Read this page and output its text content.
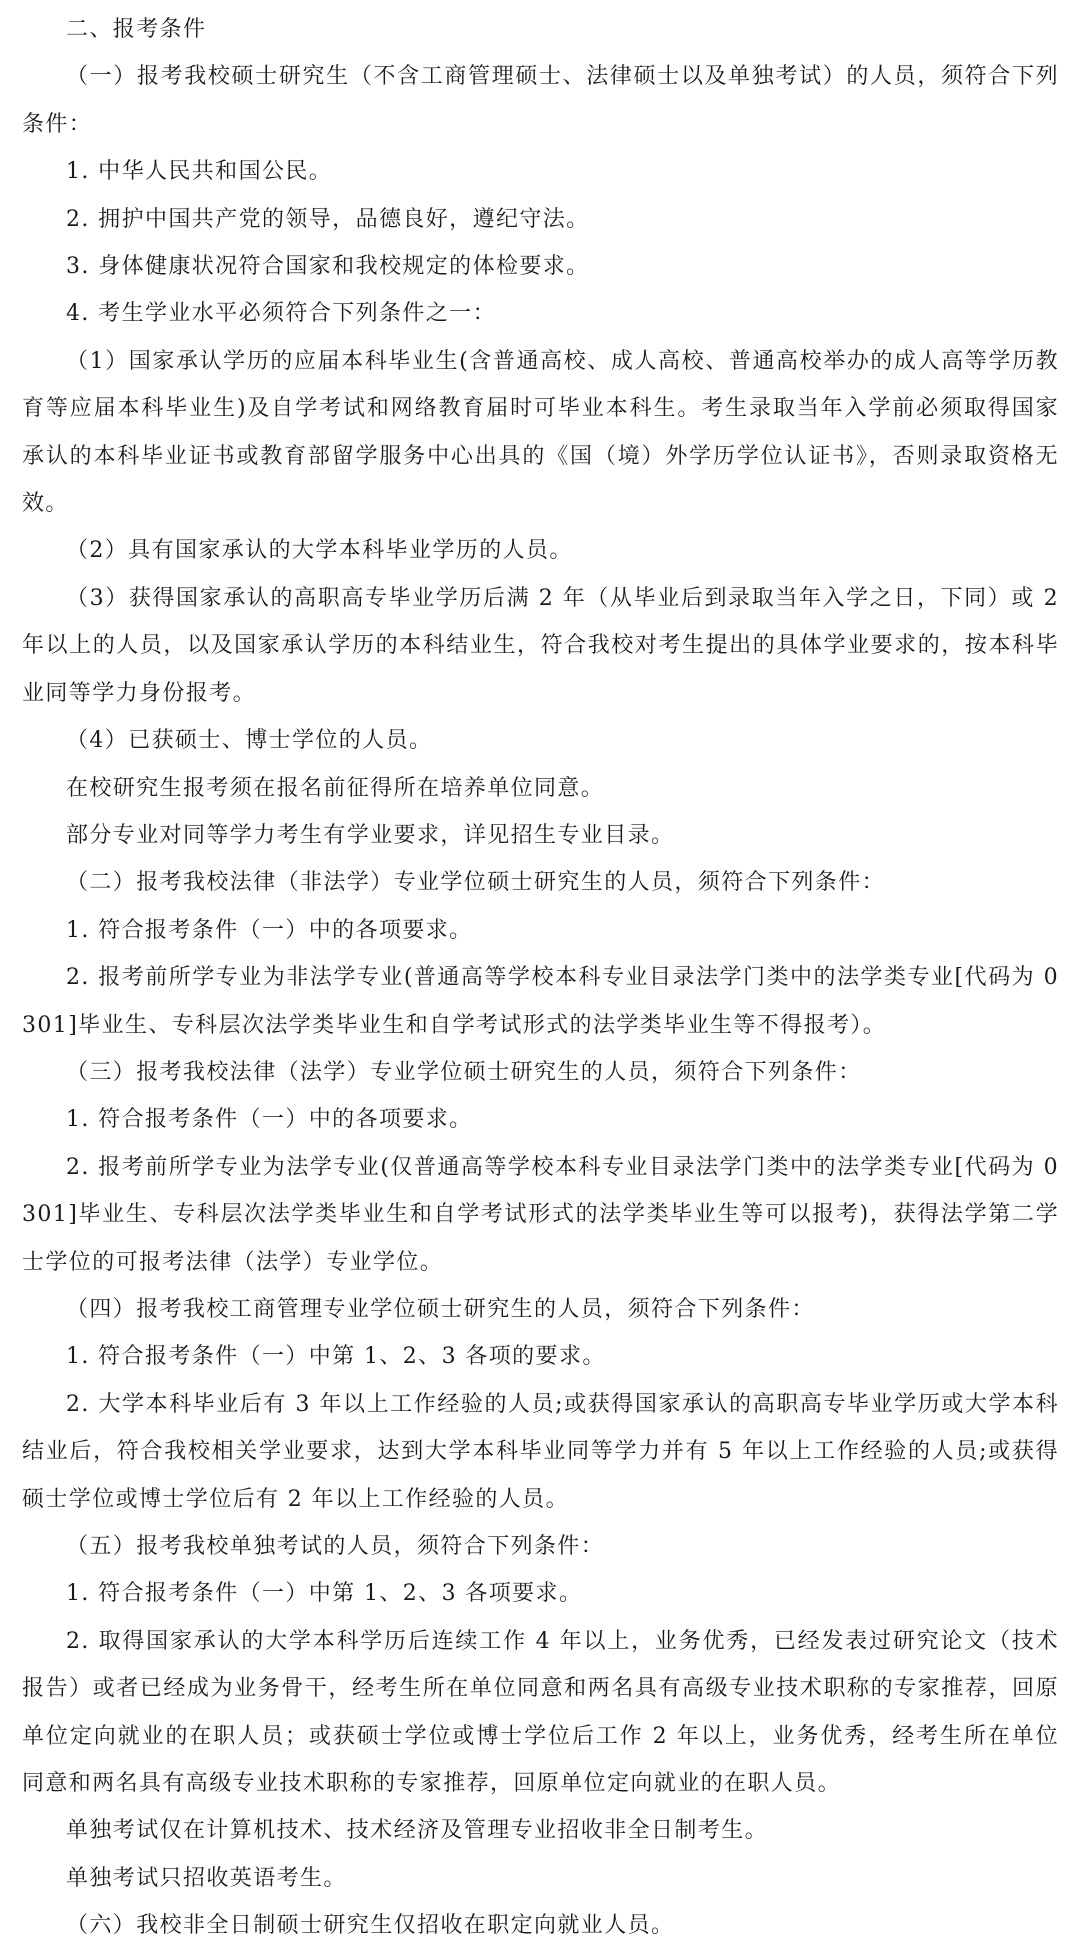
二、报考条件

（一）报考我校硕士研究生（不含工商管理硕士、法律硕士以及单独考试）的人员，须符合下列条件：

1. 中华人民共和国公民。

2. 拥护中国共产党的领导，品德良好，遵纪守法。

3. 身体健康状况符合国家和我校规定的体检要求。

4. 考生学业水平必须符合下列条件之一：

（1）国家承认学历的应届本科毕业生(含普通高校、成人高校、普通高校举办的成人高等学历教育等应届本科毕业生)及自学考试和网络教育届时可毕业本科生。考生录取当年入学前必须取得国家承认的本科毕业证书或教育部留学服务中心出具的《国（境）外学历学位认证书》，否则录取资格无效。

（2）具有国家承认的大学本科毕业学历的人员。

（3）获得国家承认的高职高专毕业学历后满 2 年（从毕业后到录取当年入学之日，下同）或 2 年以上的人员，以及国家承认学历的本科结业生，符合我校对考生提出的具体学业要求的，按本科毕业同等学力身份报考。

（4）已获硕士、博士学位的人员。

在校研究生报考须在报名前征得所在培养单位同意。

部分专业对同等学力考生有学业要求，详见招生专业目录。

（二）报考我校法律（非法学）专业学位硕士研究生的人员，须符合下列条件：

1. 符合报考条件（一）中的各项要求。

2. 报考前所学专业为非法学专业(普通高等学校本科专业目录法学门类中的法学类专业[代码为 0301]毕业生、专科层次法学类毕业生和自学考试形式的法学类毕业生等不得报考）。

（三）报考我校法律（法学）专业学位硕士研究生的人员，须符合下列条件：

1. 符合报考条件（一）中的各项要求。

2. 报考前所学专业为法学专业(仅普通高等学校本科专业目录法学门类中的法学类专业[代码为 0301]毕业生、专科层次法学类毕业生和自学考试形式的法学类毕业生等可以报考)，获得法学第二学士学位的可报考法律（法学）专业学位。

（四）报考我校工商管理专业学位硕士研究生的人员，须符合下列条件：

1. 符合报考条件（一）中第 1、2、3 各项的要求。

2. 大学本科毕业后有 3 年以上工作经验的人员;或获得国家承认的高职高专毕业学历或大学本科结业后，符合我校相关学业要求，达到大学本科毕业同等学力并有 5 年以上工作经验的人员;或获得硕士学位或博士学位后有 2 年以上工作经验的人员。

（五）报考我校单独考试的人员，须符合下列条件：

1. 符合报考条件（一）中第 1、2、3 各项要求。

2. 取得国家承认的大学本科学历后连续工作 4 年以上，业务优秀，已经发表过研究论文（技术报告）或者已经成为业务骨干，经考生所在单位同意和两名具有高级专业技术职称的专家推荐，回原单位定向就业的在职人员；或获硕士学位或博士学位后工作 2 年以上，业务优秀，经考生所在单位同意和两名具有高级专业技术职称的专家推荐，回原单位定向就业的在职人员。

单独考试仅在计算机技术、技术经济及管理专业招收非全日制考生。

单独考试只招收英语考生。

（六）我校非全日制硕士研究生仅招收在职定向就业人员。
